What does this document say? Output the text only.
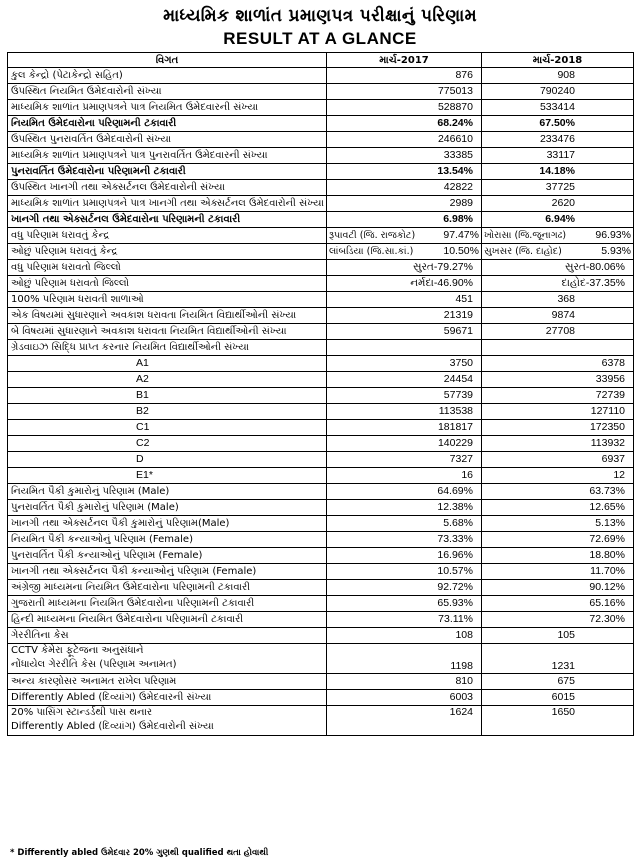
માધ્યમિક શાળાંત પ્રમાણપત્ર પરીક્ષાનું પરિણામ
RESULT AT A GLANCE
વિગત	માર્ચ-2017	માર્ચ-2018
કુલ કેન્દ્રો (પેટાકેન્દ્રો સહિત)	876	908
ઉપસ્થિત નિયમિત ઉમેદવારોની સંખ્યા	775013	790240
માધ્યમિક શાળાંત પ્રમાણપત્રને પાત્ર નિયમિત ઉમેદવારની સંખ્યા	528870	533414
નિયમિત ઉમેદવારોના પરિણામની ટકાવારી	68.24%	67.50%
ઉપસ્થિત પુનરાવર્તિત ઉમેદવારોની સંખ્યા	246610	233476
માધ્યમિક શાળાંત પ્રમાણપત્રને પાત્ર પુનરાવર્તિત ઉમેદવારની સંખ્યા	33385	33117
પુનરાવર્તિત ઉમેદવારોના પરિણામની ટકાવારી	13.54%	14.18%
ઉપસ્થિત ખાનગી તથા એક્સર્ટનલ ઉમેદવારોની સંખ્યા	42822	37725
માધ્યમિક શાળાંત પ્રમાણપત્રને પાત્ર ખાનગી તથા એક્સર્ટનલ ઉમેદવારોની સંખ્યા	2989	2620
ખાનગી તથા એક્સર્ટનલ ઉમેદવારોના પરિણામની ટકાવારી	6.98%	6.94%
વધુ પરિણામ ધરાવતું કેન્દ્ર	રૂપાવટી (જિ. રાજકોટ) 97.47%	ખોરાસા (જિ.જૂનાગઢ) 96.93%

ઓછું પરિણામ ધરાવતું કેન્દ્ર	લાંબડિયા (જિ.સા.કાં.) 10.50%	સુખસર (જિ. દાહોદ) 5.93%

વધુ પરિણામ ધરાવતો જિલ્લો	સુરત-79.27%	સુરત-80.06%
ઓછું પરિણામ ધરાવતો જિલ્લો	નર્મદા-46.90%	દાહોદ-37.35%
100% પરિણામ ધરાવતી શાળાઓ	451	368
એક વિષયમાં સુધારણાને અવકાશ ધરાવતા નિયમિત વિદ્યાર્થીઓની સંખ્યા	21319	9874
બે વિષયમાં સુધારણાને અવકાશ ધરાવતા નિયમિત વિદ્યાર્થીઓની સંખ્યા	59671	27708
ગ્રેડવાઇઝ સિદ્ધિ પ્રાપ્ત કરનાર નિયમિત વિદ્યાર્થીઓની સંખ્યા		
A1	3750	6378
A2	24454	33956
B1	57739	72739
B2	113538	127110
C1	181817	172350
C2	140229	113932
D	7327	6937
E1*	16	12
નિયમિત પૈકી કુમારોનું પરિણામ (Male)	64.69%	63.73%
પુનરાવર્તિત પૈકી કુમારોનું પરિણામ (Male)	12.38%	12.65%
ખાનગી તથા એક્સર્ટનલ પૈકી કુમારોનું પરિણામ(Male)	5.68%	5.13%
નિયમિત પૈકી કન્યાઓનું પરિણામ (Female)	73.33%	72.69%
પુનરાવર્તિત પૈકી કન્યાઓનું પરિણામ (Female)	16.96%	18.80%
ખાનગી તથા એક્સર્ટનલ પૈકી કન્યાઓનું પરિણામ (Female)	10.57%	11.70%
અંગ્રેજી માધ્યમના નિયમિત ઉમેદવારોના પરિણામની ટકાવારી	92.72%	90.12%
ગુજરાતી માધ્યમના નિયમિત ઉમેદવારોના પરિણામની ટકાવારી	65.93%	65.16%
હિન્દી માધ્યમના નિયમિત ઉમેદવારોના પરિણામની ટકાવારી	73.11%	72.30%
ગેરરીતિના કેસ	108	105

CCTV કેમેરા ફૂટેજના અનુસંધાને
નોંધાયેલ ગેરરીતિ કેસ (પરિણામ અનામત)	1198	1231
અન્ય કારણોસર અનામત રાખેલ પરિણામ	810	675
Differently Abled (દિવ્યાંગ) ઉમેદવારની સંખ્યા	6003	6015

20% પાસિંગ સ્ટાન્ડર્ડથી પાસ થનાર
Differently Abled (દિવ્યાંગ) ઉમેદવારોની સંખ્યા	1624	1650
* Differently abled ઉમેદવાર 20% ગુણથી qualified થતા હોવાથી
